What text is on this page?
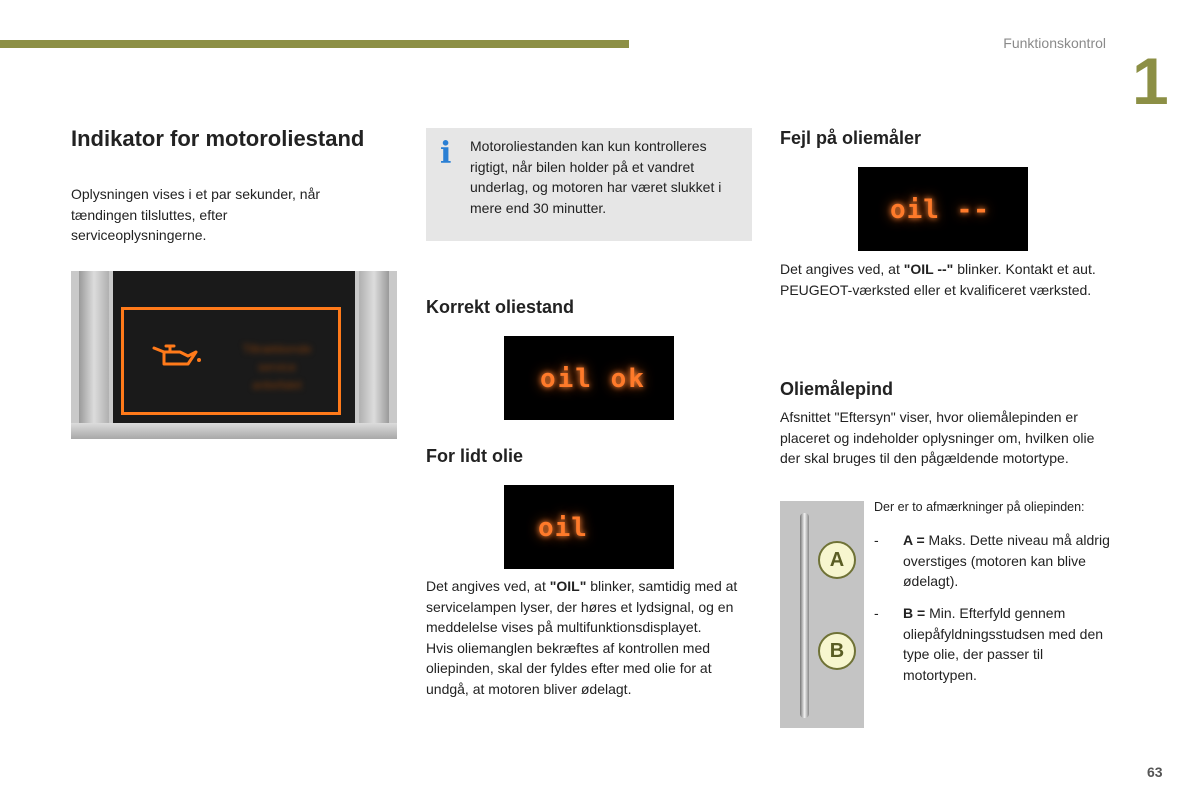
Funktionskontrol
1
Indikator for motoroliestand

Oplysningen vises i et par sekunder, når tændingen tilsluttes, efter serviceoplysningerne.

Tiltrækkende service anbefalet
i Motoroliestanden kan kun kontrolleres rigtigt, når bilen holder på et vandret underlag, og motoren har været slukket i mere end 30 minutter.
Korrekt oliestand
oil ok
For lidt olie
oil

Det angives ved, at "OIL" blinker, samtidig med at servicelampen lyser, der høres et lydsignal, og en meddelelse vises på multifunktionsdisplayet.
Hvis oliemanglen bekræftes af kontrollen med oliepinden, skal der fyldes efter med olie for at undgå, at motoren bliver ødelagt.

Fejl på oliemåler
oil --

Det angives ved, at "OIL --" blinker. Kontakt et aut. PEUGEOT-værksted eller et kvalificeret værksted.

Oliemålepind

Afsnittet "Eftersyn" viser, hvor oliemålepinden er placeret og indeholder oplysninger om, hvilken olie der skal bruges til den pågældende motortype.

A
B
Der er to afmærkninger på oliepinden:
- A = Maks. Dette niveau må aldrig overstiges (motoren kan blive ødelagt).
- B = Min. Efterfyld gennem oliepåfyldningsstudsen med den type olie, der passer til motortypen.
63
